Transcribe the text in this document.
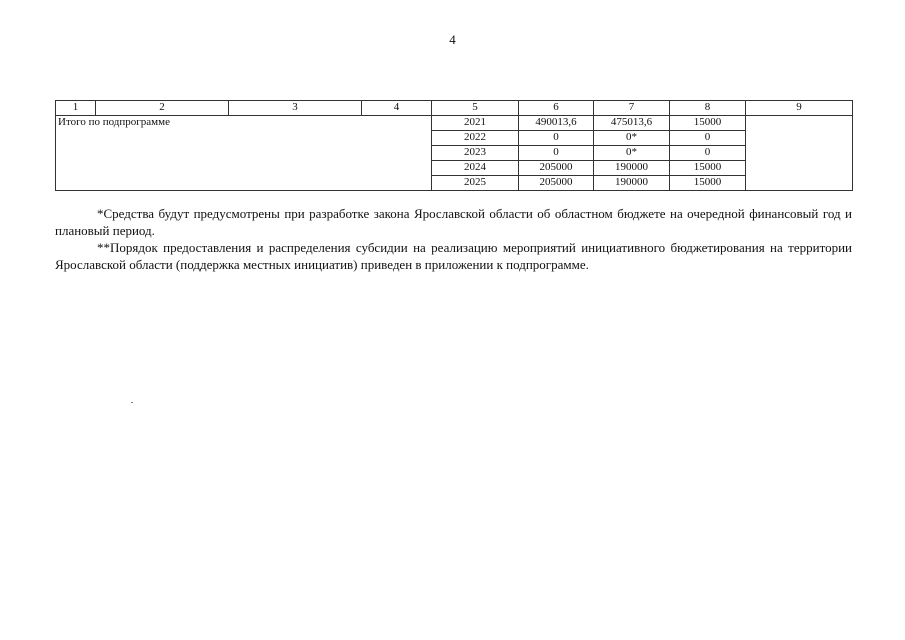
4
1	2	3	4	5	6	7	8	9
Итого по подпрограмме				2021	490013,6	475013,6	15000	
				2022	0	0*	0	
				2023	0	0*	0	
				2024	205000	190000	15000	
				2025	205000	190000	15000	

*Средства будут предусмотрены при разработке закона Ярославской области об областном бюджете на очередной финансовый год и плановый период.

**Порядок предоставления и распределения субсидии на реализацию мероприятий инициативного бюджетирования на территории Ярославской области (поддержка местных инициатив) приведен в приложении к подпрограмме.
